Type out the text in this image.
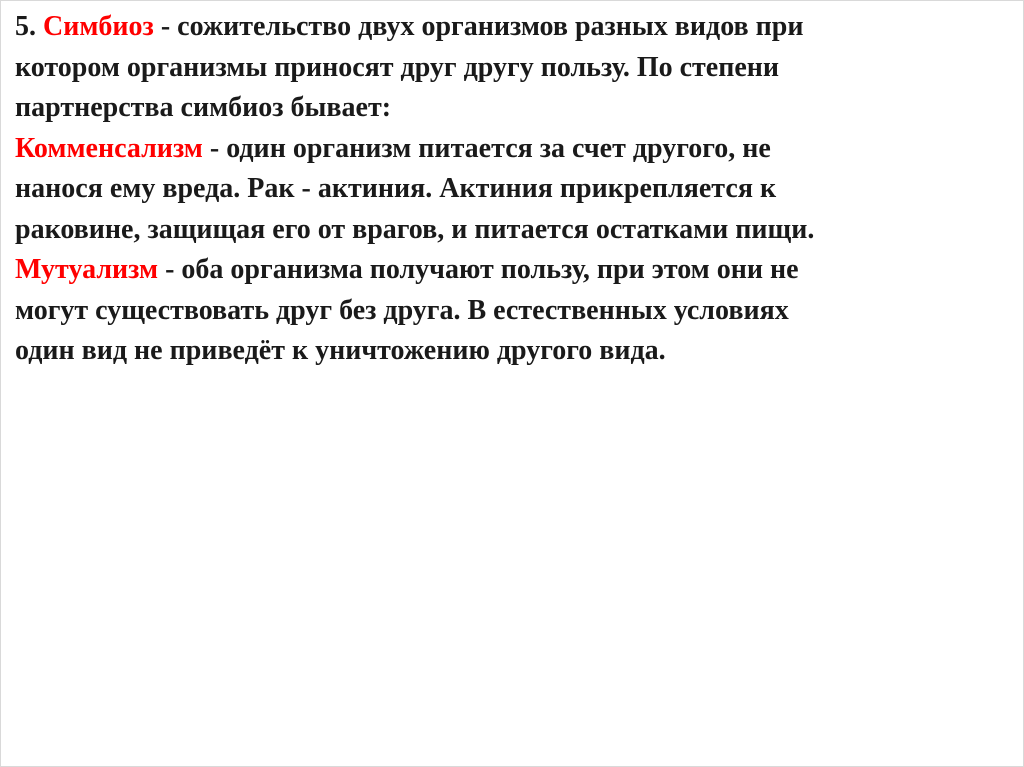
5. Симбиоз - сожительство двух организмов разных видов при
котором организмы приносят друг другу пользу. По степени
партнерства симбиоз бывает:
Комменсализм - один организм питается за счет другого, не
нанося ему вреда. Рак - актиния. Актиния прикрепляется к
раковине, защищая его от врагов, и питается остатками пищи.
Мутуализм - оба организма получают пользу, при этом они не
могут существовать друг без друга. В естественных условиях
один вид не приведёт к уничтожению другого вида.
